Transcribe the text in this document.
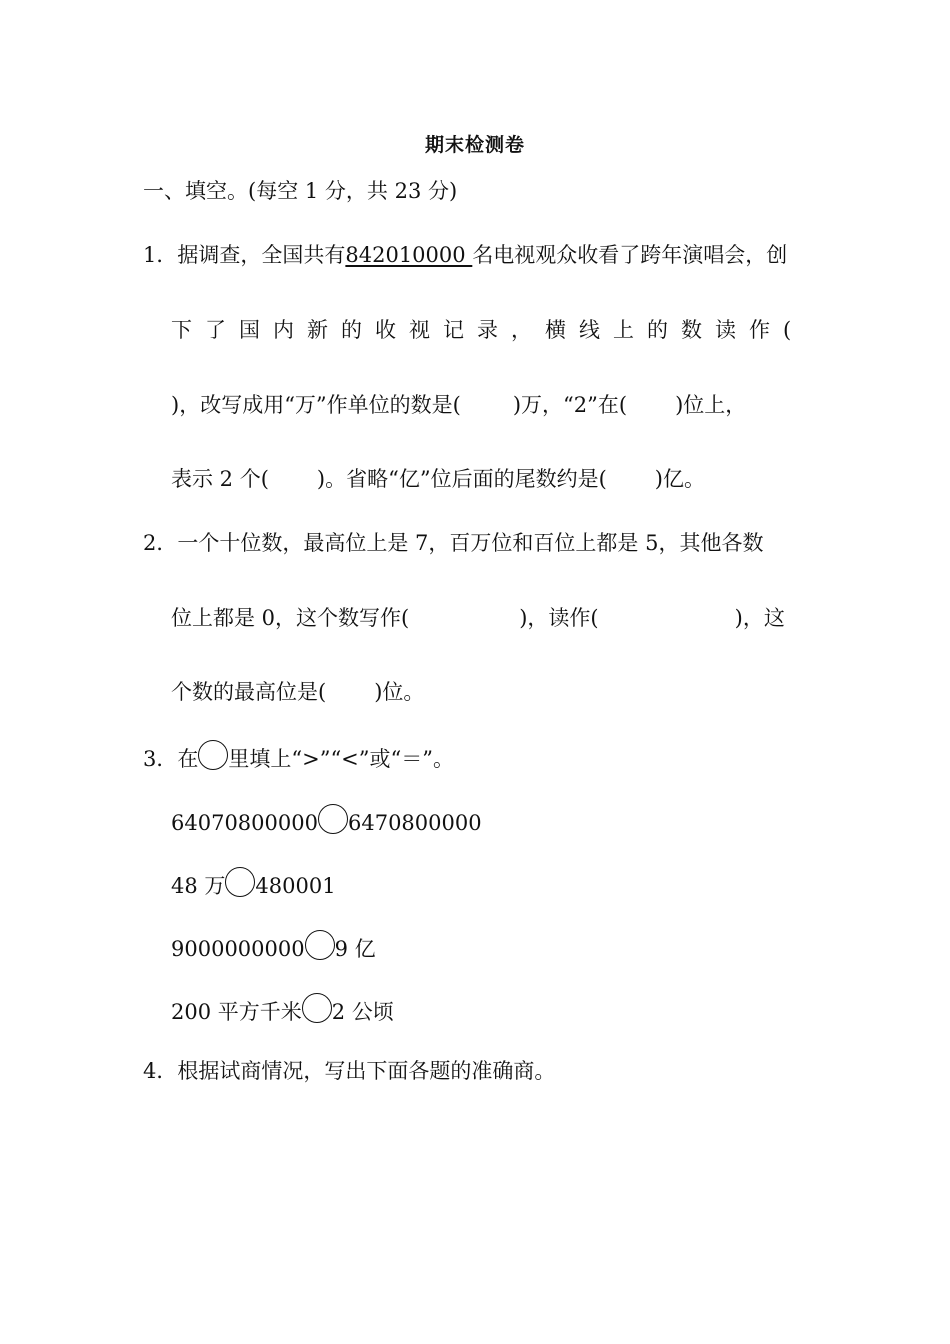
期末检测卷
一、填空。(每空 1 分，共 23 分)
1．据调查，全国共有842010000 名电视观众收看了跨年演唱会，创
下了国内新的收视记录，横线上的数读作(
)，改写成用“万”作单位的数是( )万，“2”在( )位上，
表示 2 个( )。省略“亿”位后面的尾数约是( )亿。
2．一个十位数，最高位上是 7，百万位和百位上都是 5，其他各数
位上都是 0，这个数写作(	)，读作(	)，这
个数的最高位是( )位。
3．在 里填上“>”“<”或“＝”。
64070800000 6470800000
48 万 480001
9000000000 9 亿
200 平方千米 2 公顷
4．根据试商情况，写出下面各题的准确商。
